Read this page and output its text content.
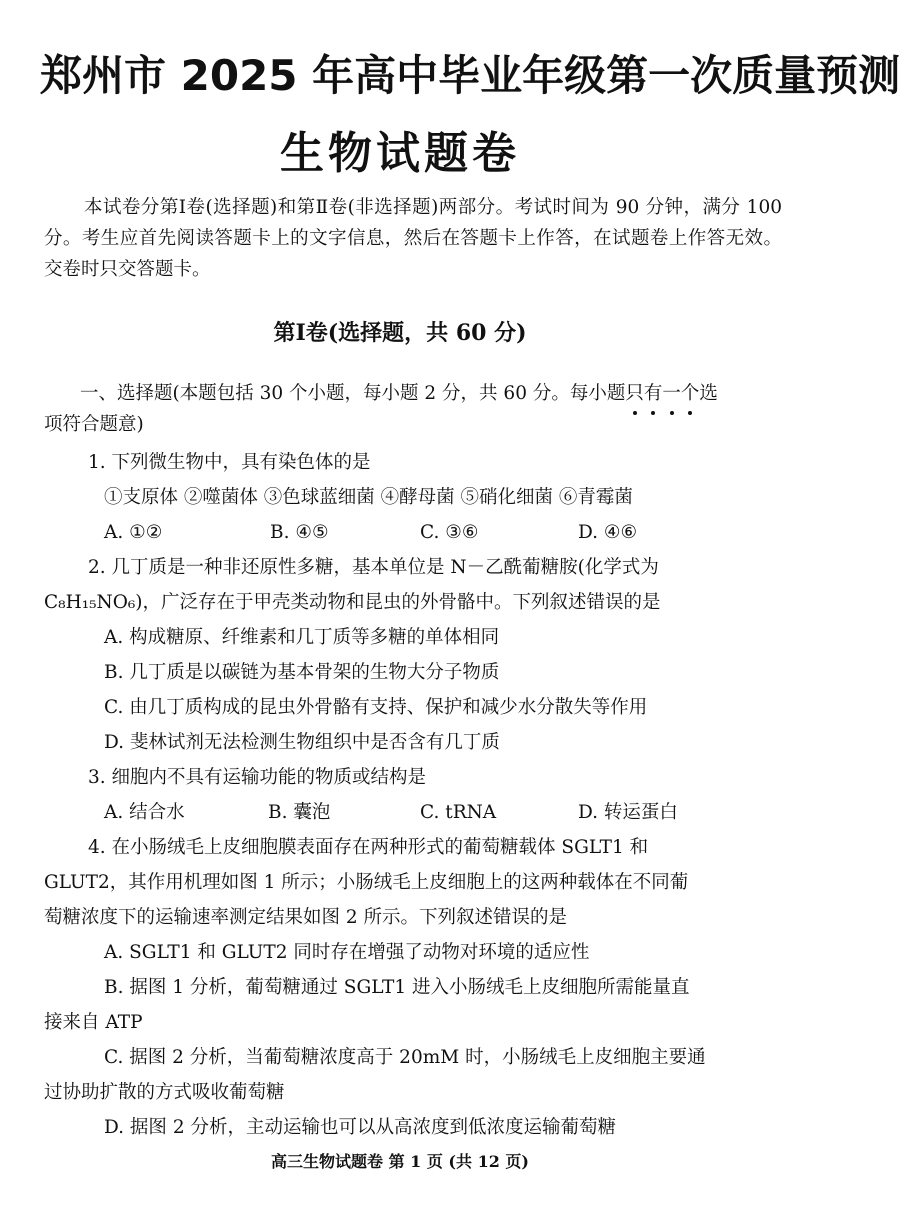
郑州市 2025 年高中毕业年级第一次质量预测
生物试题卷
本试卷分第Ⅰ卷(选择题)和第Ⅱ卷(非选择题)两部分。考试时间为 90 分钟，满分 100 分。考生应首先阅读答题卡上的文字信息，然后在答题卡上作答，在试题卷上作答无效。交卷时只交答题卡。
第Ⅰ卷(选择题，共 60 分)
一、选择题(本题包括 30 个小题，每小题 2 分，共 60 分。每小题只有一个选
项符合题意)
1. 下列微生物中，具有染色体的是
①支原体 ②噬菌体 ③色球蓝细菌 ④酵母菌 ⑤硝化细菌 ⑥青霉菌
A. ①②	B. ④⑤	C. ③⑥	D. ④⑥
2. 几丁质是一种非还原性多糖，基本单位是 N－乙酰葡糖胺(化学式为
C₈H₁₅NO₆)，广泛存在于甲壳类动物和昆虫的外骨骼中。下列叙述错误的是
A. 构成糖原、纤维素和几丁质等多糖的单体相同
B. 几丁质是以碳链为基本骨架的生物大分子物质
C. 由几丁质构成的昆虫外骨骼有支持、保护和减少水分散失等作用
D. 斐林试剂无法检测生物组织中是否含有几丁质
3. 细胞内不具有运输功能的物质或结构是
A. 结合水	B. 囊泡	C. tRNA	D. 转运蛋白
4. 在小肠绒毛上皮细胞膜表面存在两种形式的葡萄糖载体 SGLT1 和
GLUT2，其作用机理如图 1 所示；小肠绒毛上皮细胞上的这两种载体在不同葡
萄糖浓度下的运输速率测定结果如图 2 所示。下列叙述错误的是
A. SGLT1 和 GLUT2 同时存在增强了动物对环境的适应性
B. 据图 1 分析，葡萄糖通过 SGLT1 进入小肠绒毛上皮细胞所需能量直
接来自 ATP
C. 据图 2 分析，当葡萄糖浓度高于 20mM 时，小肠绒毛上皮细胞主要通
过协助扩散的方式吸收葡萄糖
D. 据图 2 分析，主动运输也可以从高浓度到低浓度运输葡萄糖
高三生物试题卷 第 1 页 (共 12 页)
